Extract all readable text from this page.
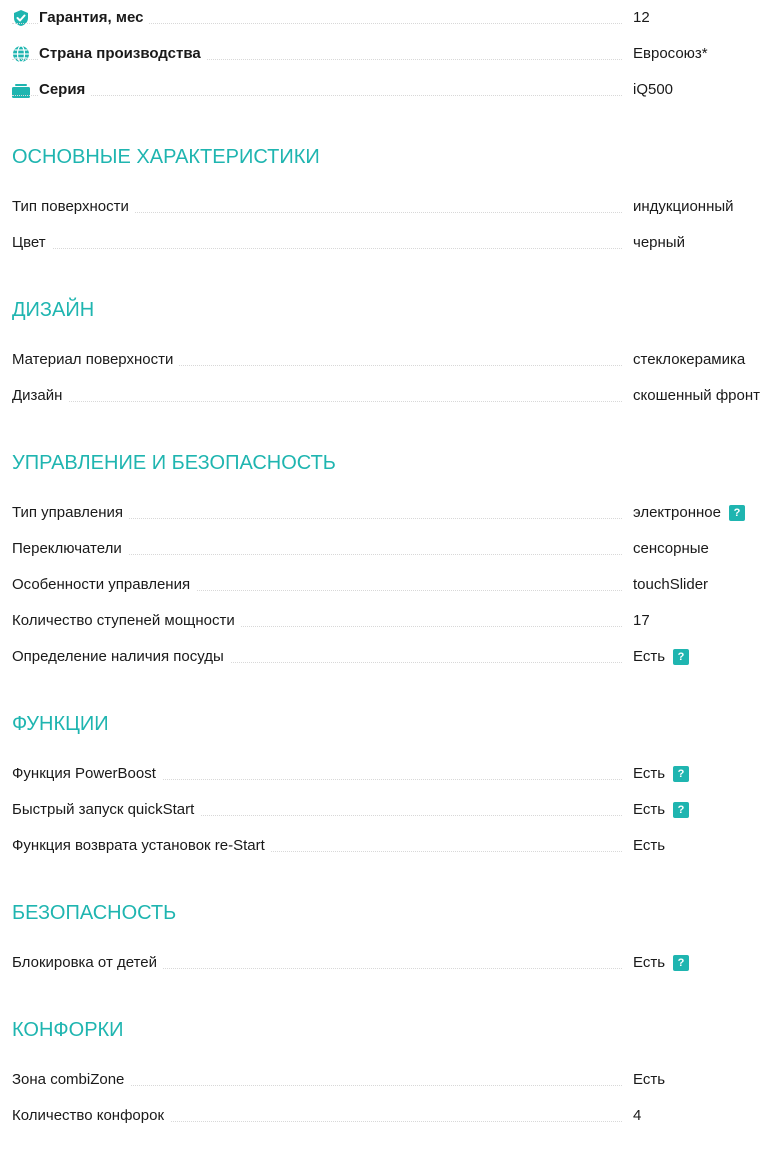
Гарантия, мес	12
Страна производства	Евросоюз*
Серия	iQ500
ОСНОВНЫЕ ХАРАКТЕРИСТИКИ
Тип поверхности	индукционный
Цвет	черный
ДИЗАЙН
Материал поверхности	стеклокерамика
Дизайн	скошенный фронт
УПРАВЛЕНИЕ И БЕЗОПАСНОСТЬ
Тип управления	электронное	?
Переключатели	сенсорные
Особенности управления	touchSlider
Количество ступеней мощности	17
Определение наличия посуды	Есть	?
ФУНКЦИИ
Функция PowerBoost	Есть	?
Быстрый запуск quickStart	Есть	?
Функция возврата установок re-Start	Есть
БЕЗОПАСНОСТЬ
Блокировка от детей	Есть	?
КОНФОРКИ
Зона combiZone	Есть
Количество конфорок	4
